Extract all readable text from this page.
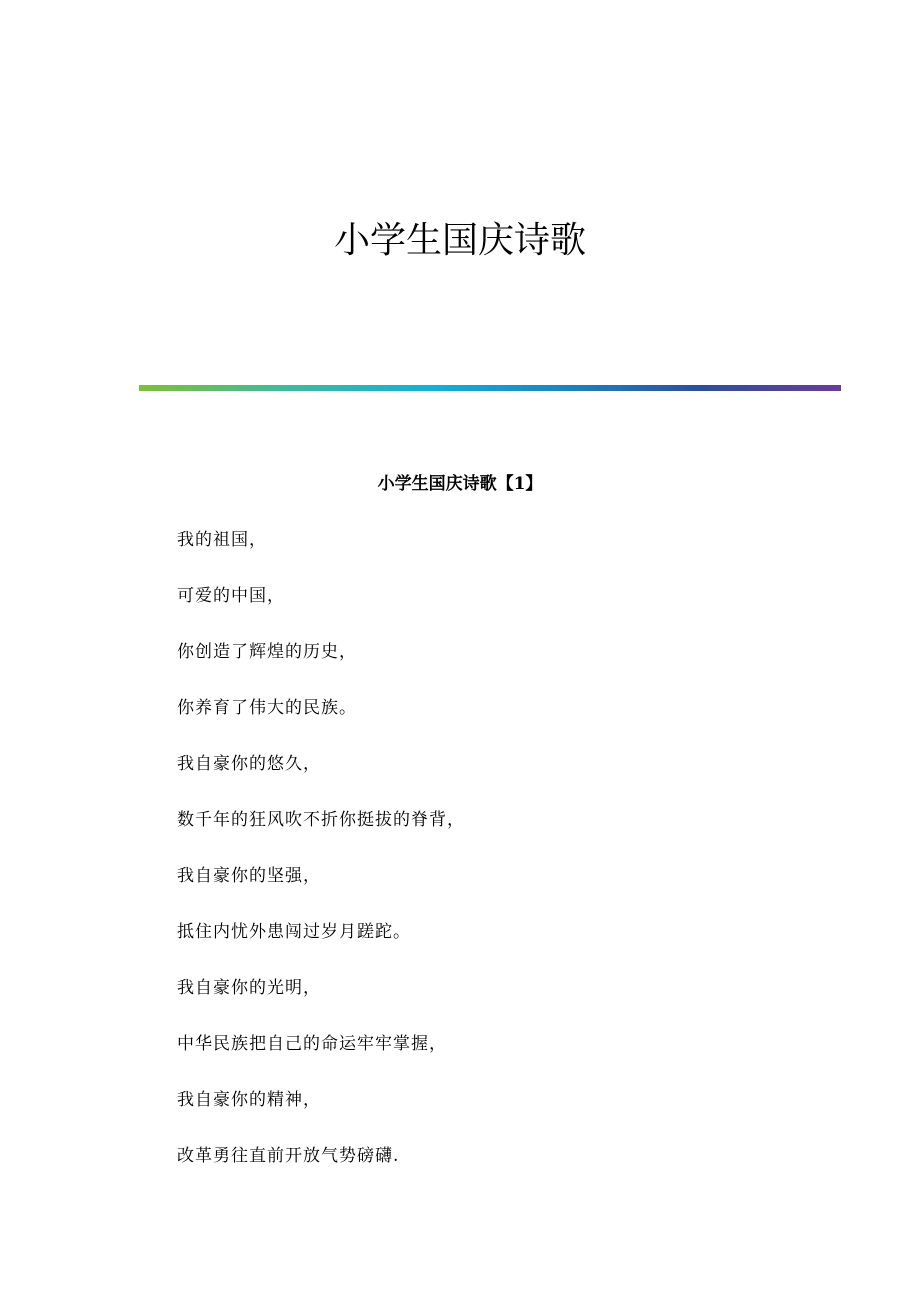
小学生国庆诗歌
小学生国庆诗歌【1】
我的祖国，
可爱的中国，
你创造了辉煌的历史，
你养育了伟大的民族。
我自豪你的悠久，
数千年的狂风吹不折你挺拔的脊背，
我自豪你的坚强，
抵住内忧外患闯过岁月蹉跎。
我自豪你的光明，
中华民族把自己的命运牢牢掌握，
我自豪你的精神，
改革勇往直前开放气势磅礴.
